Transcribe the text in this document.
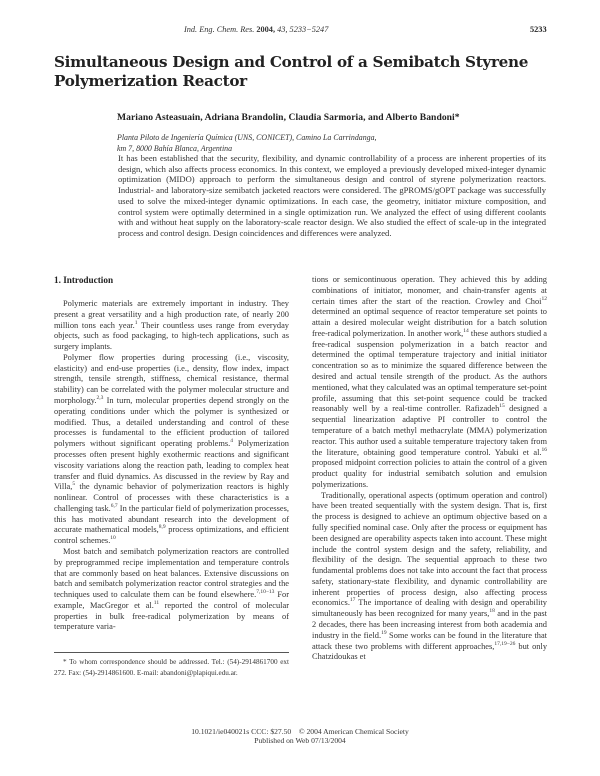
Ind. Eng. Chem. Res. 2004, 43, 5233−5247	5233
Simultaneous Design and Control of a Semibatch Styrene Polymerization Reactor
Mariano Asteasuain, Adriana Brandolin, Claudia Sarmoria, and Alberto Bandoni*
Planta Piloto de Ingeniería Química (UNS, CONICET), Camino La Carrindanga,
km 7, 8000 Bahía Blanca, Argentina
It has been established that the security, flexibility, and dynamic controllability of a process are inherent properties of its design, which also affects process economics. In this context, we employed a previously developed mixed-integer dynamic optimization (MIDO) approach to perform the simultaneous design and control of styrene polymerization reactors. Industrial- and laboratory-size semibatch jacketed reactors were considered. The gPROMS/gOPT package was successfully used to solve the mixed-integer dynamic optimizations. In each case, the geometry, initiator mixture composition, and control system were optimally determined in a single optimization run. We analyzed the effect of using different coolants with and without heat supply on the laboratory-scale reactor design. We also studied the effect of scale-up in the integrated process and control design. Design coincidences and differences were analyzed.
1. Introduction

Polymeric materials are extremely important in industry. They present a great versatility and a high production rate, of nearly 200 million tons each year.$^1$ Their countless uses range from everyday objects, such as food packaging, to high-tech applications, such as surgery implants.

Polymer flow properties during processing (i.e., viscosity, elasticity) and end-use properties (i.e., density, flow index, impact strength, tensile strength, stiffness, chemical resistance, thermal stability) can be correlated with the polymer molecular structure and morphology.$^{2,3}$ In turn, molecular properties depend strongly on the operating conditions under which the polymer is synthesized or modified. Thus, a detailed understanding and control of these processes is fundamental to the efficient production of tailored polymers without significant operating problems.$^4$ Polymerization processes often present highly exothermic reactions and significant viscosity variations along the reaction path, leading to complex heat transfer and fluid dynamics. As discussed in the review by Ray and Villa,$^5$ the dynamic behavior of polymerization reactors is highly nonlinear. Control of processes with these characteristics is a challenging task.$^{6,7}$ In the particular field of polymerization processes, this has motivated abundant research into the development of accurate mathematical models,$^{8,9}$ process optimizations, and efficient control schemes.$^{10}$

Most batch and semibatch polymerization reactors are controlled by preprogrammed recipe implementation and temperature controls that are commonly based on heat balances. Extensive discussions on batch and semibatch polymerization reactor control strategies and the techniques used to calculate them can be found elsewhere.$^{7,10-13}$ For example, MacGregor et al.$^{11}$ reported the control of molecular properties in bulk free-radical polymerization by means of temperature varia-

* To whom correspondence should be addressed. Tel.: (54)-2914861700 ext 272. Fax: (54)-2914861600. E-mail: abandoni@plapiqui.edu.ar.

tions or semicontinuous operation. They achieved this by adding combinations of initiator, monomer, and chain-transfer agents at certain times after the start of the reaction. Crowley and Choi$^{12}$ determined an optimal sequence of reactor temperature set points to attain a desired molecular weight distribution for a batch solution free-radical polymerization. In another work,$^{14}$ these authors studied a free-radical suspension polymerization in a batch reactor and determined the optimal temperature trajectory and initial initiator concentration so as to minimize the squared difference between the desired and actual tensile strength of the product. As the authors mentioned, what they calculated was an optimal temperature set-point profile, assuming that this set-point sequence could be tracked reasonably well by a real-time controller. Rafizadeh$^{15}$ designed a sequential linearization adaptive PI controller to control the temperature of a batch methyl methacrylate (MMA) polymerization reactor. This author used a suitable temperature trajectory taken from the literature, obtaining good temperature control. Yabuki et al.$^{16}$ proposed midpoint correction policies to attain the control of a given product quality for industrial semibatch solution and emulsion polymerizations.

Traditionally, operational aspects (optimum operation and control) have been treated sequentially with the system design. That is, first the process is designed to achieve an optimum objective based on a fully specified nominal case. Only after the process or equipment has been designed are operability aspects taken into account. These might include the control system design and the safety, reliability, and flexibility of the design. The sequential approach to these two fundamental problems does not take into account the fact that process safety, stationary-state flexibility, and dynamic controllability are inherent properties of process design, also affecting process economics.$^{17}$ The importance of dealing with design and operability simultaneously has been recognized for many years,$^{18}$ and in the past 2 decades, there has been increasing interest from both academia and industry in the field.$^{19}$ Some works can be found in the literature that attack these two problems with different approaches,$^{17,19-26}$ but only Chatzidoukas et

10.1021/ie040021s CCC: $27.50 © 2004 American Chemical Society
Published on Web 07/13/2004
